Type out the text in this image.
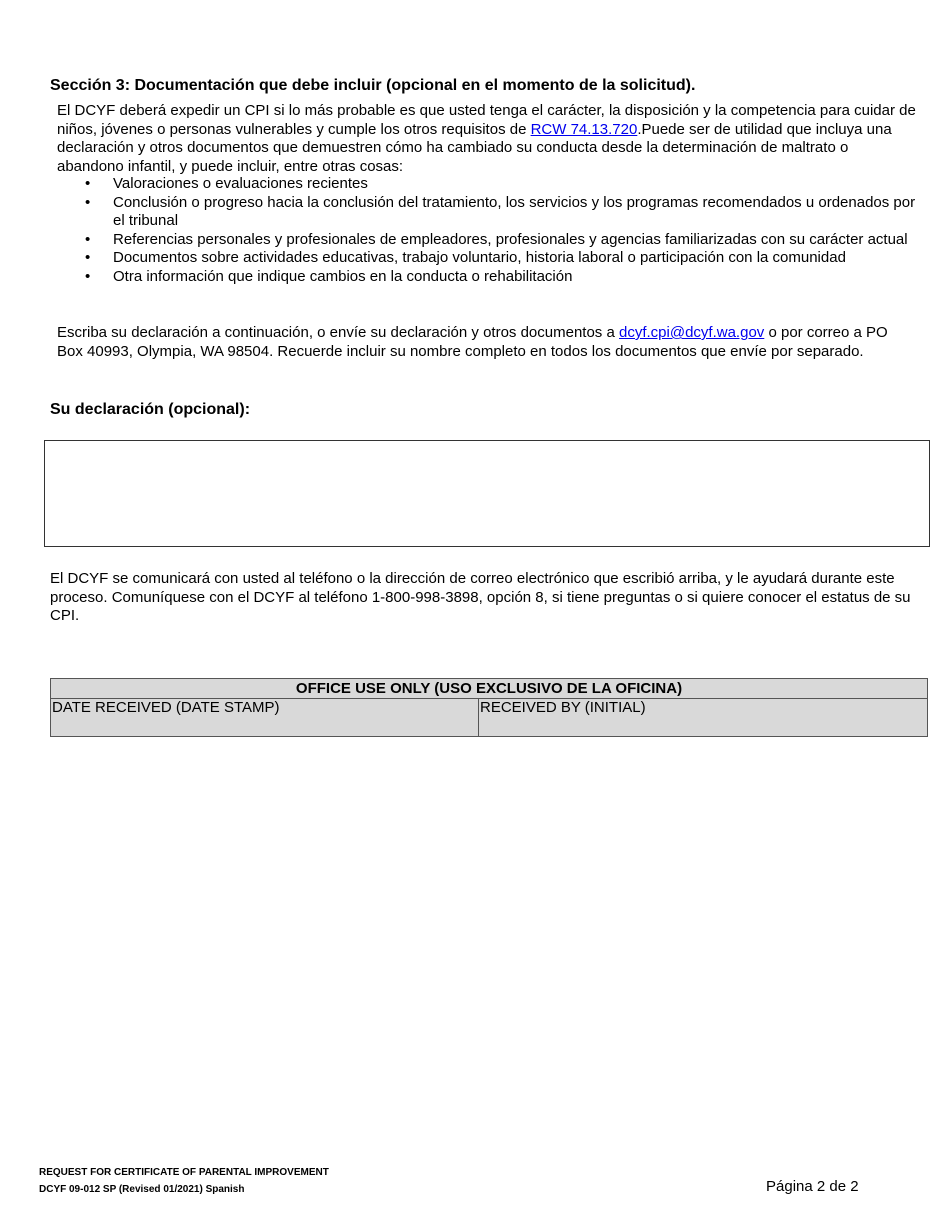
Sección 3: Documentación que debe incluir (opcional en el momento de la solicitud).

El DCYF deberá expedir un CPI si lo más probable es que usted tenga el carácter, la disposición y la competencia para cuidar de niños, jóvenes o personas vulnerables y cumple los otros requisitos de RCW 74.13.720.Puede ser de utilidad que incluya una declaración y otros documentos que demuestren cómo ha cambiado su conducta desde la determinación de maltrato o abandono infantil, y puede incluir, entre otras cosas:

• Valoraciones o evaluaciones recientes
• Conclusión o progreso hacia la conclusión del tratamiento, los servicios y los programas recomendados u ordenados por el tribunal
• Referencias personales y profesionales de empleadores, profesionales y agencias familiarizadas con su carácter actual
• Documentos sobre actividades educativas, trabajo voluntario, historia laboral o participación con la comunidad
• Otra información que indique cambios en la conducta o rehabilitación

Escriba su declaración a continuación, o envíe su declaración y otros documentos a dcyf.cpi@dcyf.wa.gov o por correo a PO Box 40993, Olympia, WA 98504. Recuerde incluir su nombre completo en todos los documentos que envíe por separado.

Su declaración (opcional):

El DCYF se comunicará con usted al teléfono o la dirección de correo electrónico que escribió arriba, y le ayudará durante este proceso. Comuníquese con el DCYF al teléfono 1-800-998-3898, opción 8, si tiene preguntas o si quiere conocer el estatus de su CPI.

OFFICE USE ONLY (USO EXCLUSIVO DE LA OFICINA)
DATE RECEIVED (DATE STAMP)	RECEIVED BY (INITIAL)
REQUEST FOR CERTIFICATE OF PARENTAL IMPROVEMENT
DCYF 09-012 SP (Revised 01/2021) Spanish	Página 2 de 2
